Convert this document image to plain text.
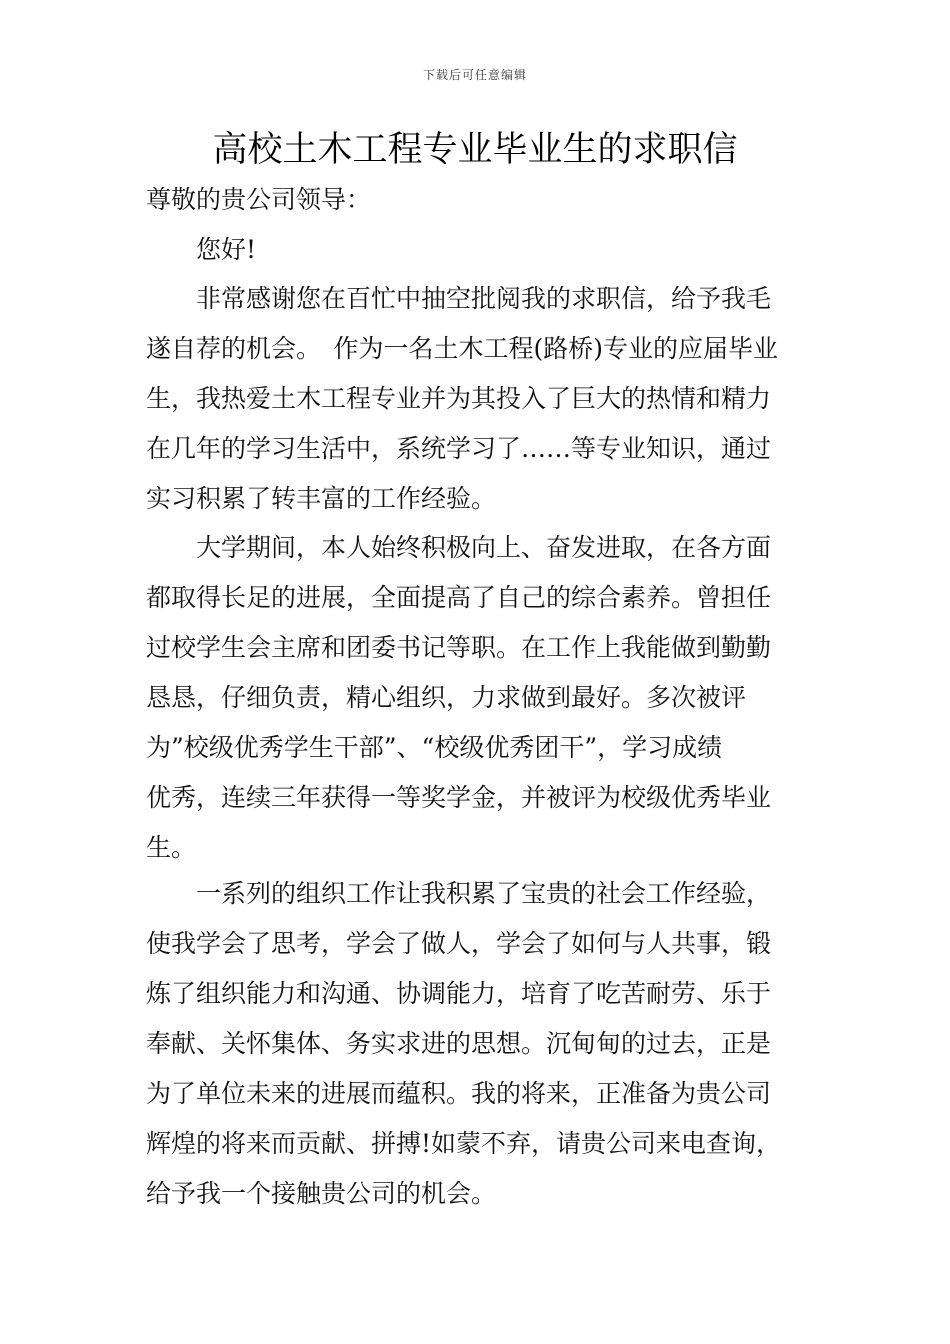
下载后可任意编辑
高校土木工程专业毕业生的求职信

尊敬的贵公司领导：

您好!

　　非常感谢您在百忙中抽空批阅我的求职信，给予我毛
遂自荐的机会。　作为一名土木工程(路桥)专业的应届毕业
生，我热爱土木工程专业并为其投入了巨大的热情和精力
在几年的学习生活中，系统学习了……等专业知识，通过
实习积累了转丰富的工作经验。
　　大学期间，本人始终积极向上、奋发进取，在各方面
都取得长足的进展，全面提高了自己的综合素养。曾担任
过校学生会主席和团委书记等职。在工作上我能做到勤勤
恳恳，仔细负责，精心组织，力求做到最好。多次被评
为”校级优秀学生干部”、“校级优秀团干”，学习成绩
优秀，连续三年获得一等奖学金，并被评为校级优秀毕业
生。
　　一系列的组织工作让我积累了宝贵的社会工作经验，
使我学会了思考，学会了做人，学会了如何与人共事，锻
炼了组织能力和沟通、协调能力，培育了吃苦耐劳、乐于
奉献、关怀集体、务实求进的思想。沉甸甸的过去，正是
为了单位未来的进展而蕴积。我的将来，正准备为贵公司
辉煌的将来而贡献、拼搏!如蒙不弃，请贵公司来电查询，
给予我一个接触贵公司的机会。
